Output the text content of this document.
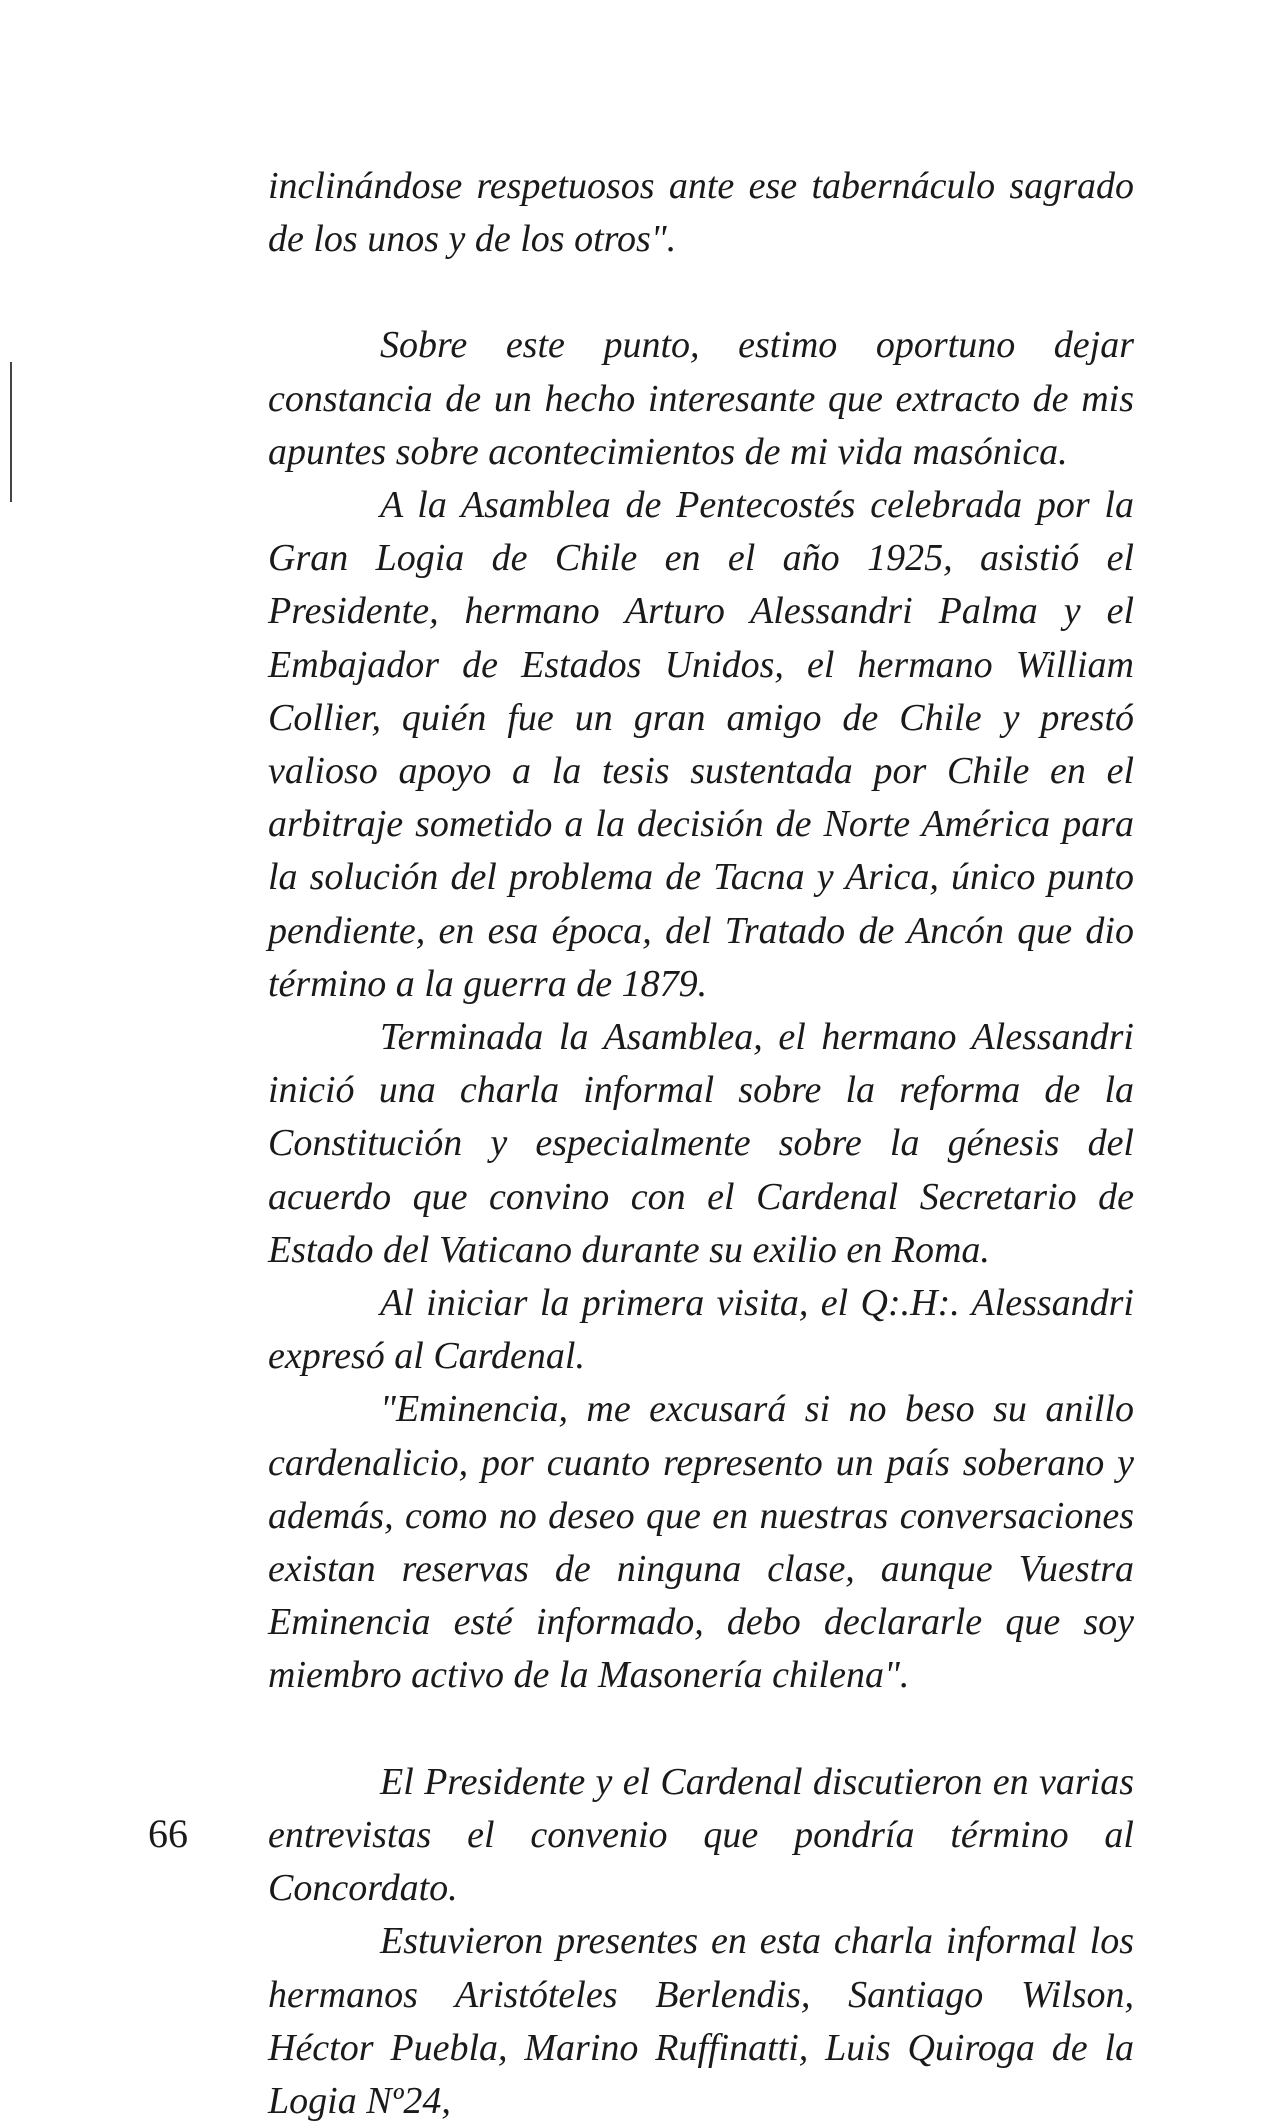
inclinándose respetuosos ante ese tabernáculo sagrado de los unos y de los otros".

Sobre este punto, estimo oportuno dejar constancia de un hecho interesante que extracto de mis apuntes sobre acontecimientos de mi vida masónica.

A la Asamblea de Pentecostés celebrada por la Gran Logia de Chile en el año 1925, asistió el Presidente, hermano Arturo Alessandri Palma y el Embajador de Estados Unidos, el hermano William Collier, quién fue un gran amigo de Chile y prestó valioso apoyo a la tesis sustentada por Chile en el arbitraje sometido a la decisión de Norte América para la solución del problema de Tacna y Arica, único punto pendiente, en esa época, del Tratado de Ancón que dio término a la guerra de 1879.

Terminada la Asamblea, el hermano Alessandri inició una charla informal sobre la reforma de la Constitución y especialmente sobre la génesis del acuerdo que convino con el Cardenal Secretario de Estado del Vaticano durante su exilio en Roma.

Al iniciar la primera visita, el Q:.H:. Alessandri expresó al Cardenal.

"Eminencia, me excusará si no beso su anillo cardenalicio, por cuanto represento un país soberano y además, como no deseo que en nuestras conversaciones existan reservas de ninguna clase, aunque Vuestra Eminencia esté informado, debo declararle que soy miembro activo de la Masonería chilena".

El Presidente y el Cardenal discutieron en varias entrevistas el convenio que pondría término al Concordato.

Estuvieron presentes en esta charla informal los hermanos Aristóteles Berlendis, Santiago Wilson, Héctor Puebla, Marino Ruffinatti, Luis Quiroga de la Logia Nº24,

66
